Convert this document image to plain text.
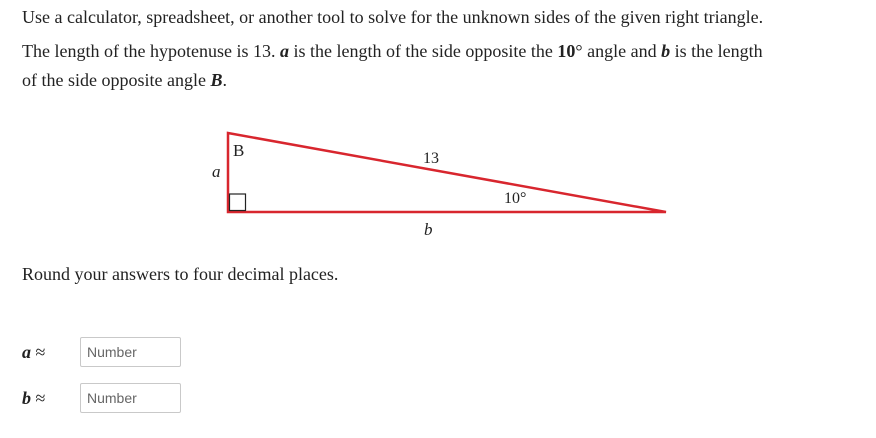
Use a calculator, spreadsheet, or another tool to solve for the unknown sides of the given right triangle.
The length of the hypotenuse is 13. a is the length of the side opposite the 10° angle and b is the length
of the side opposite angle B.
B
a
13
10°
b
Round your answers to four decimal places.
a ≈
Number
b ≈
Number
